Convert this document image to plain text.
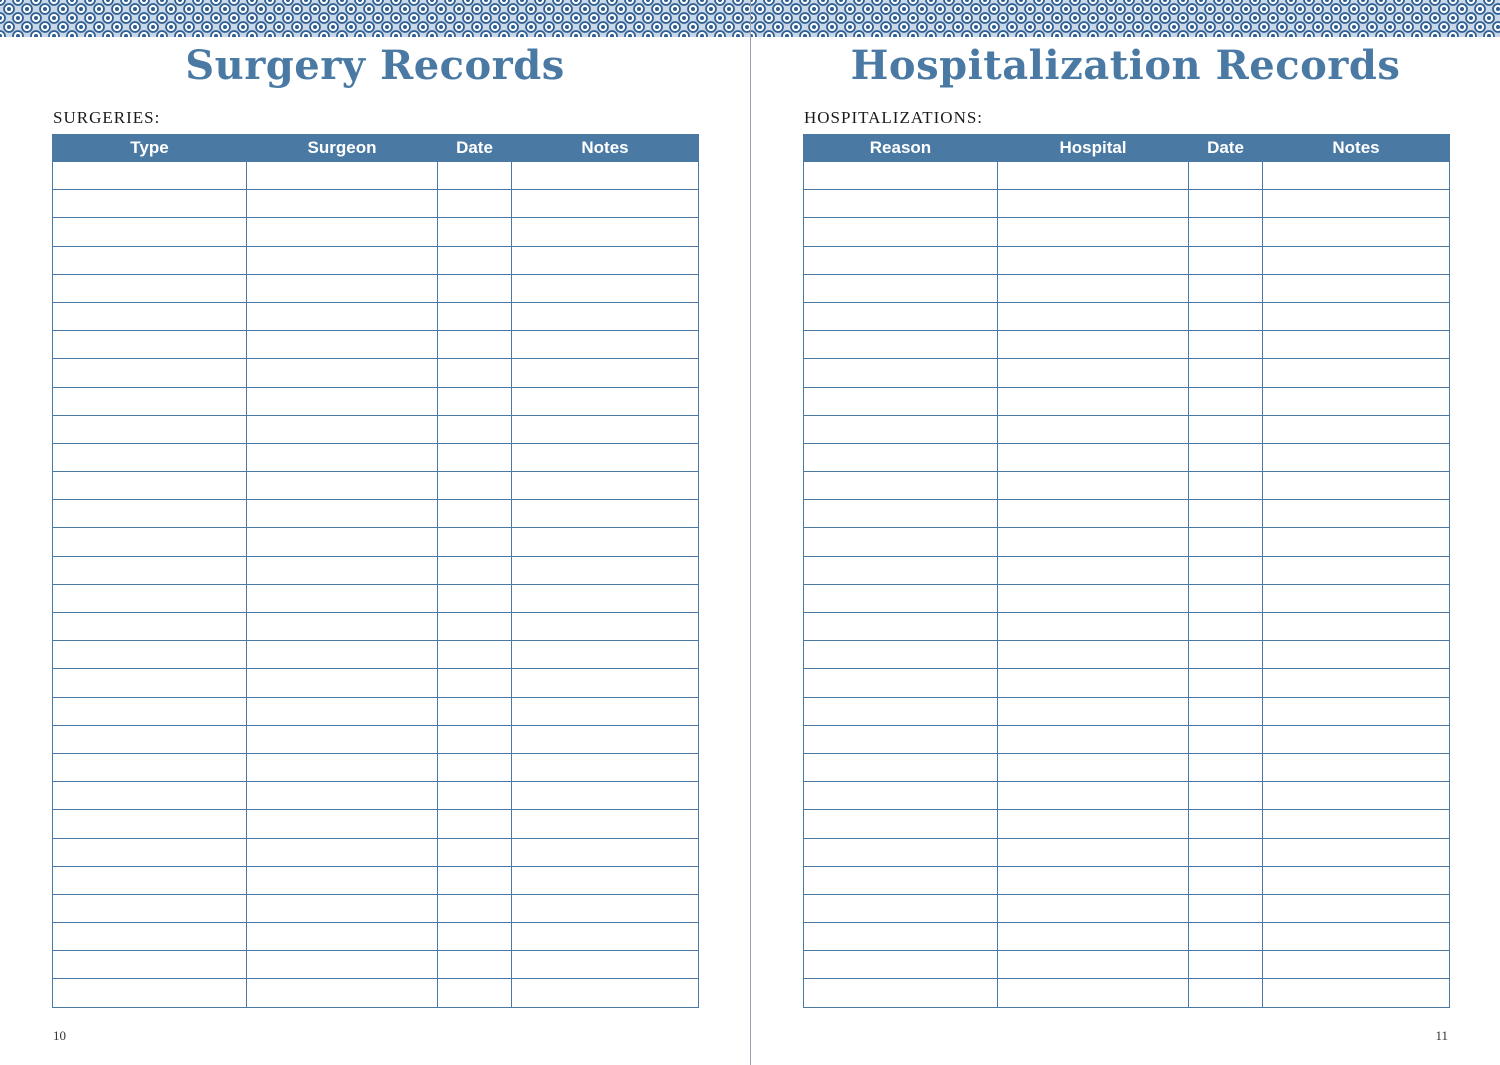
Surgery Records
SURGERIES:
Type	Surgeon	Date	Notes

10
Hospitalization Records
HOSPITALIZATIONS:
Reason	Hospital	Date	Notes

11
